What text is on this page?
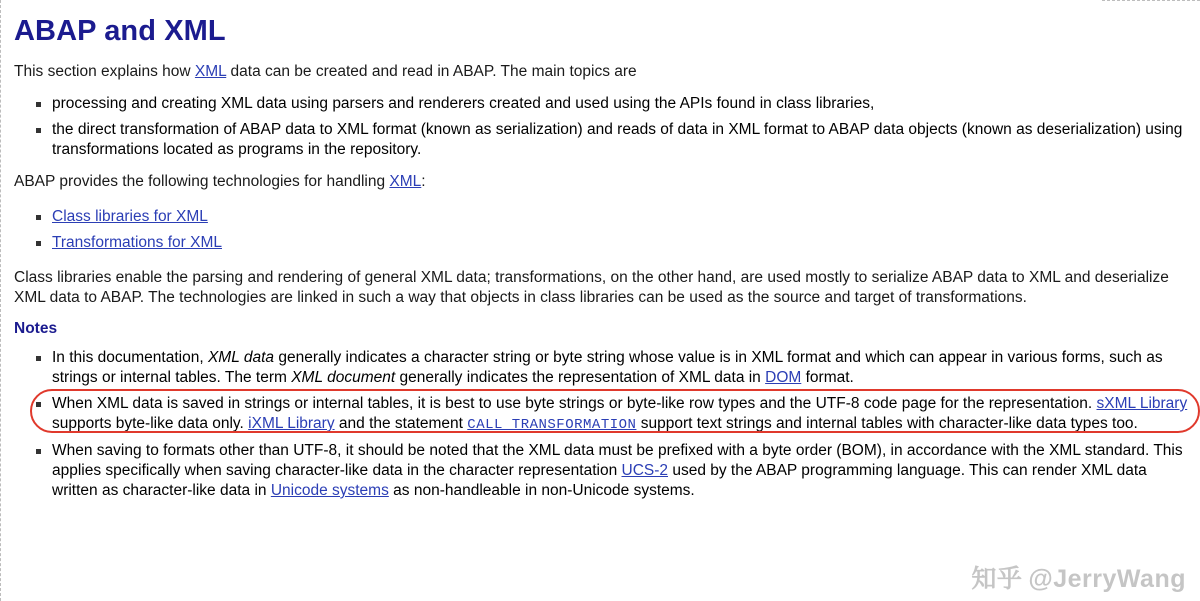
ABAP and XML

This section explains how XML data can be created and read in ABAP. The main topics are

processing and creating XML data using parsers and renderers created and used using the APIs found in class libraries,
the direct transformation of ABAP data to XML format (known as serialization) and reads of data in XML format to ABAP data objects (known as deserialization) using transformations located as programs in the repository.

ABAP provides the following technologies for handling XML:

Class libraries for XML
Transformations for XML

Class libraries enable the parsing and rendering of general XML data; transformations, on the other hand, are used mostly to serialize ABAP data to XML and deserialize XML data to ABAP. The technologies are linked in such a way that objects in class libraries can be used as the source and target of transformations.

Notes
In this documentation, XML data generally indicates a character string or byte string whose value is in XML format and which can appear in various forms, such as strings or internal tables. The term XML document generally indicates the representation of XML data in DOM format.
When XML data is saved in strings or internal tables, it is best to use byte strings or byte-like row types and the UTF-8 code page for the representation. sXML Library supports byte-like data only. iXML Library and the statement CALL TRANSFORMATION support text strings and internal tables with character-like data types too.
When saving to formats other than UTF-8, it should be noted that the XML data must be prefixed with a byte order (BOM), in accordance with the XML standard. This applies specifically when saving character-like data in the character representation UCS-2 used by the ABAP programming language. This can render XML data written as character-like data in Unicode systems as non-handleable in non-Unicode systems.
知乎 @JerryWang
